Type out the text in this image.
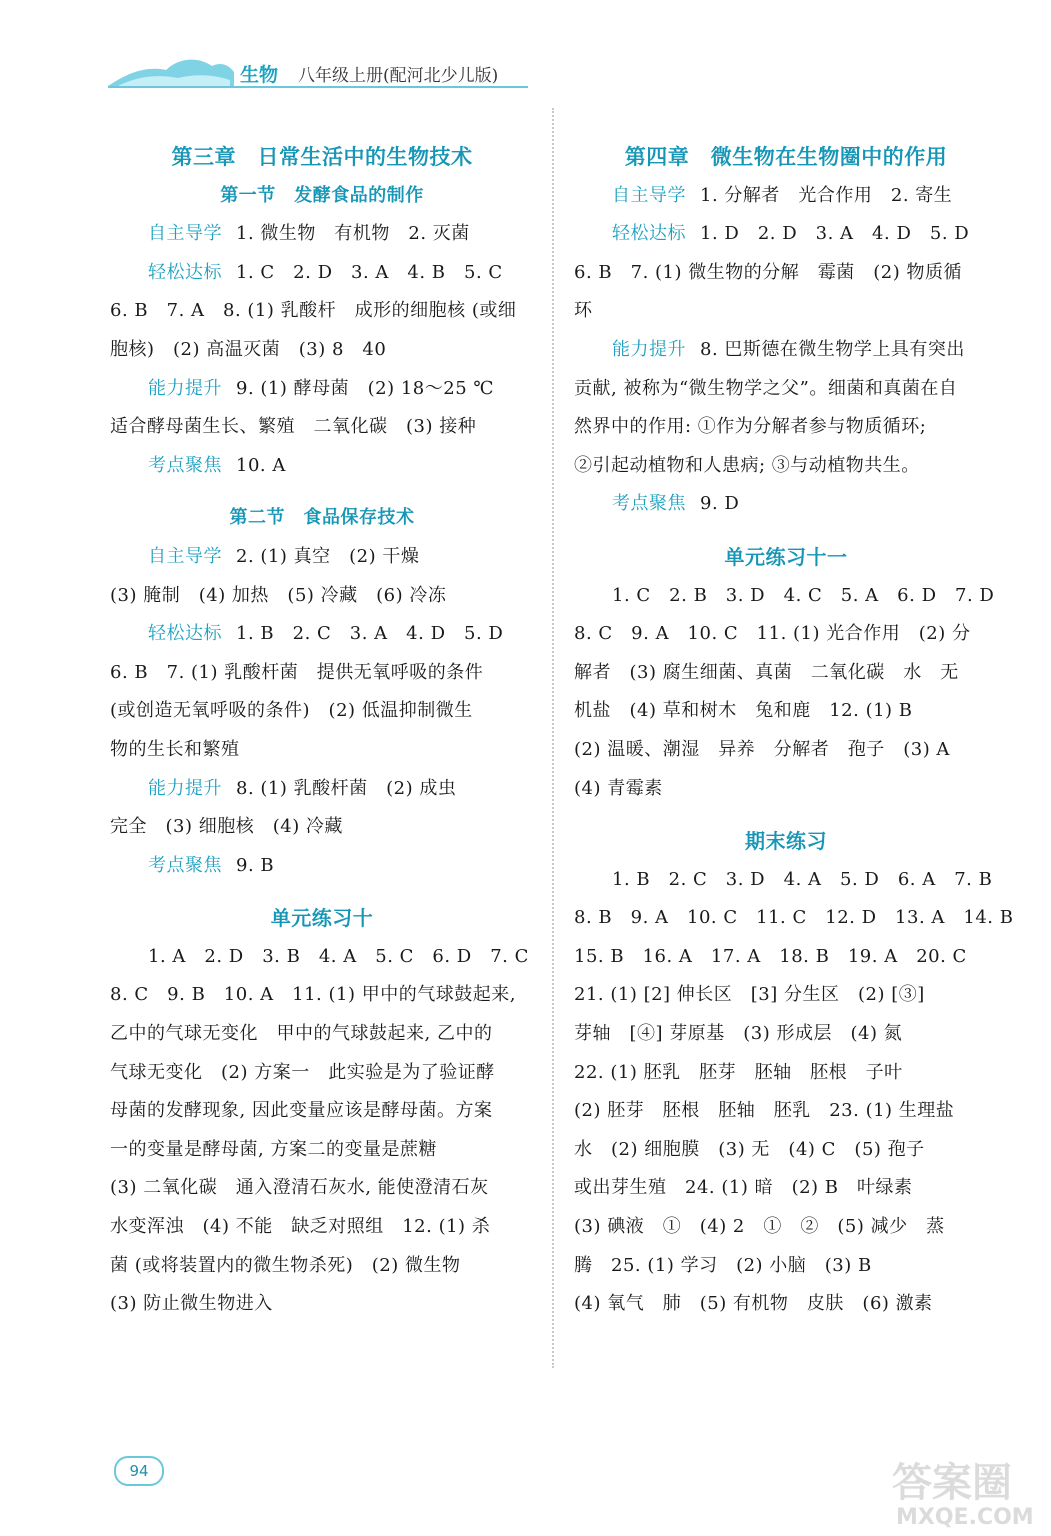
生物 八年级上册(配河北少儿版)
第三章　日常生活中的生物技术
第一节　发酵食品的制作
自主导学 1. 微生物　有机物　2. 灭菌
轻松达标 1. C　2. D　3. A　4. B　5. C
6. B　7. A　8. (1) 乳酸杆　成形的细胞核 (或细
胞核)　(2) 高温灭菌　(3) 8　40
能力提升 9. (1) 酵母菌　(2) 18～25 ℃
适合酵母菌生长、繁殖　二氧化碳　(3) 接种
考点聚焦 10. A
第二节　食品保存技术
自主导学 2. (1) 真空　(2) 干燥
(3) 腌制　(4) 加热　(5) 冷藏　(6) 冷冻
轻松达标 1. B　2. C　3. A　4. D　5. D
6. B　7. (1) 乳酸杆菌　提供无氧呼吸的条件
(或创造无氧呼吸的条件)　(2) 低温抑制微生
物的生长和繁殖
能力提升 8. (1) 乳酸杆菌　(2) 成虫
完全　(3) 细胞核　(4) 冷藏
考点聚焦 9. B
单元练习十
1. A　2. D　3. B　4. A　5. C　6. D　7. C
8. C　9. B　10. A　11. (1) 甲中的气球鼓起来,
乙中的气球无变化　甲中的气球鼓起来, 乙中的
气球无变化　(2) 方案一　此实验是为了验证酵
母菌的发酵现象, 因此变量应该是酵母菌。方案
一的变量是酵母菌, 方案二的变量是蔗糖
(3) 二氧化碳　通入澄清石灰水, 能使澄清石灰
水变浑浊　(4) 不能　缺乏对照组　12. (1) 杀
菌 (或将装置内的微生物杀死)　(2) 微生物
(3) 防止微生物进入
第四章　微生物在生物圈中的作用
自主导学 1. 分解者　光合作用　2. 寄生
轻松达标 1. D　2. D　3. A　4. D　5. D
6. B　7. (1) 微生物的分解　霉菌　(2) 物质循
环
能力提升 8. 巴斯德在微生物学上具有突出
贡献, 被称为“微生物学之父”。细菌和真菌在自
然界中的作用: ①作为分解者参与物质循环;
②引起动植物和人患病; ③与动植物共生。
考点聚焦 9. D
单元练习十一
1. C　2. B　3. D　4. C　5. A　6. D　7. D
8. C　9. A　10. C　11. (1) 光合作用　(2) 分
解者　(3) 腐生细菌、真菌　二氧化碳　水　无
机盐　(4) 草和树木　兔和鹿　12. (1) B
(2) 温暖、潮湿　异养　分解者　孢子　(3) A
(4) 青霉素
期末练习
1. B　2. C　3. D　4. A　5. D　6. A　7. B
8. B　9. A　10. C　11. C　12. D　13. A　14. B
15. B　16. A　17. A　18. B　19. A　20. C
21. (1) [2] 伸长区　[3] 分生区　(2) [③]
芽轴　[④] 芽原基　(3) 形成层　(4) 氮
22. (1) 胚乳　胚芽　胚轴　胚根　子叶
(2) 胚芽　胚根　胚轴　胚乳　23. (1) 生理盐
水　(2) 细胞膜　(3) 无　(4) C　(5) 孢子
或出芽生殖　24. (1) 暗　(2) B　叶绿素
(3) 碘液　①　(4) 2　①　②　(5) 减少　蒸
腾　25. (1) 学习　(2) 小脑　(3) B
(4) 氧气　肺　(5) 有机物　皮肤　(6) 激素
94	答案圈
MXQE.COM
